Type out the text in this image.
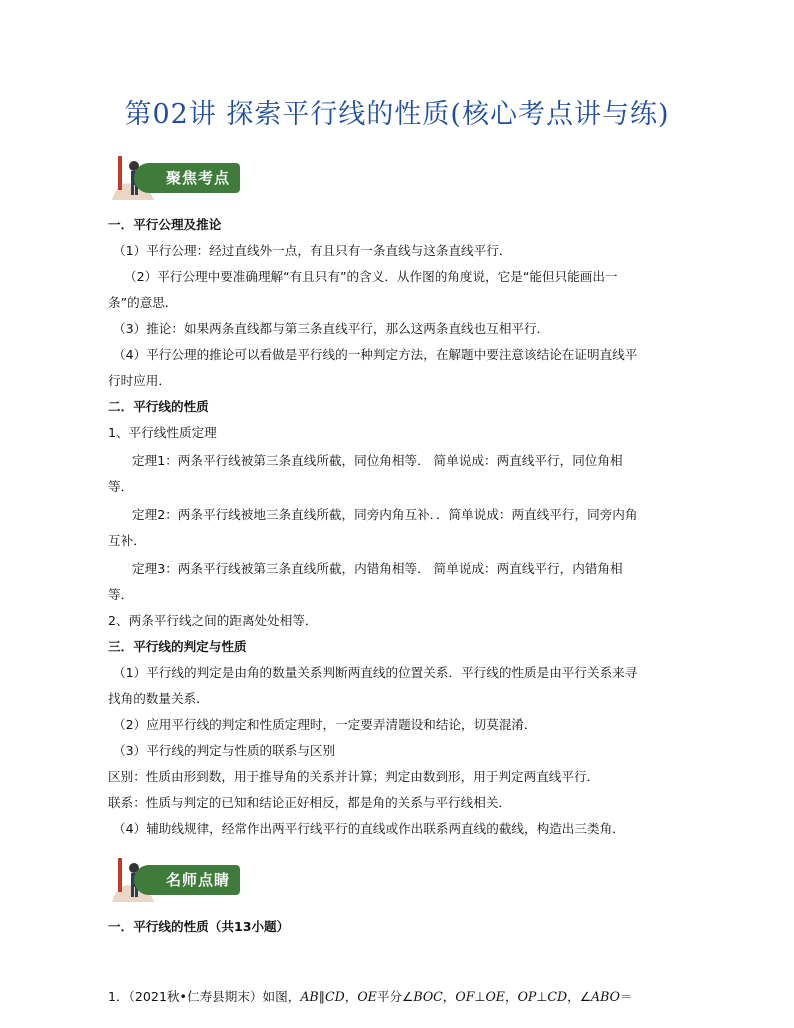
第02讲 探索平行线的性质(核心考点讲与练)
聚焦考点
一．平行公理及推论
（1）平行公理：经过直线外一点，有且只有一条直线与这条直线平行．
（2）平行公理中要准确理解“有且只有”的含义．从作图的角度说，它是“能但只能画出一
条”的意思．
（3）推论：如果两条直线都与第三条直线平行，那么这两条直线也互相平行．
（4）平行公理的推论可以看做是平行线的一种判定方法，在解题中要注意该结论在证明直线平
行时应用．
二．平行线的性质
1、平行线性质定理
定理1：两条平行线被第三条直线所截，同位角相等． 简单说成：两直线平行，同位角相
等．
定理2：两条平行线被地三条直线所截，同旁内角互补．．简单说成：两直线平行，同旁内角
互补．
定理3：两条平行线被第三条直线所截，内错角相等． 简单说成：两直线平行，内错角相
等．
2、两条平行线之间的距离处处相等．
三．平行线的判定与性质
（1）平行线的判定是由角的数量关系判断两直线的位置关系．平行线的性质是由平行关系来寻
找角的数量关系．
（2）应用平行线的判定和性质定理时，一定要弄清题设和结论，切莫混淆．
（3）平行线的判定与性质的联系与区别
区别：性质由形到数，用于推导角的关系并计算；判定由数到形，用于判定两直线平行．
联系：性质与判定的已知和结论正好相反，都是角的关系与平行线相关．
（4）辅助线规律，经常作出两平行线平行的直线或作出联系两直线的截线，构造出三类角．
名师点睛
一．平行线的性质（共13小题）
1．（2021秋•仁寿县期末）如图，AB∥CD，OE平分∠BOC，OF⊥OE，OP⊥CD，∠ABO＝
